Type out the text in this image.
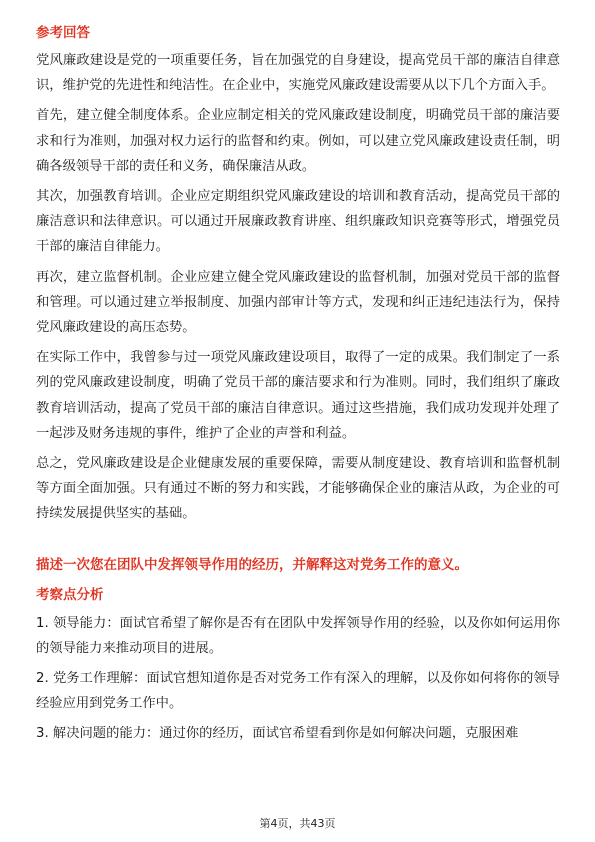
参考回答

党风廉政建设是党的一项重要任务，旨在加强党的自身建设，提高党员干部的廉洁自律意识，维护党的先进性和纯洁性。在企业中，实施党风廉政建设需要从以下几个方面入手。

首先，建立健全制度体系。企业应制定相关的党风廉政建设制度，明确党员干部的廉洁要求和行为准则，加强对权力运行的监督和约束。例如，可以建立党风廉政建设责任制，明确各级领导干部的责任和义务，确保廉洁从政。

其次，加强教育培训。企业应定期组织党风廉政建设的培训和教育活动，提高党员干部的廉洁意识和法律意识。可以通过开展廉政教育讲座、组织廉政知识竞赛等形式，增强党员干部的廉洁自律能力。

再次，建立监督机制。企业应建立健全党风廉政建设的监督机制，加强对党员干部的监督和管理。可以通过建立举报制度、加强内部审计等方式，发现和纠正违纪违法行为，保持党风廉政建设的高压态势。

在实际工作中，我曾参与过一项党风廉政建设项目，取得了一定的成果。我们制定了一系列的党风廉政建设制度，明确了党员干部的廉洁要求和行为准则。同时，我们组织了廉政教育培训活动，提高了党员干部的廉洁自律意识。通过这些措施，我们成功发现并处理了一起涉及财务违规的事件，维护了企业的声誉和利益。

总之，党风廉政建设是企业健康发展的重要保障，需要从制度建设、教育培训和监督机制等方面全面加强。只有通过不断的努力和实践，才能够确保企业的廉洁从政，为企业的可持续发展提供坚实的基础。

描述一次您在团队中发挥领导作用的经历，并解释这对党务工作的意义。
考察点分析

1. 领导能力：面试官希望了解你是否有在团队中发挥领导作用的经验，以及你如何运用你的领导能力来推动项目的进展。

2. 党务工作理解：面试官想知道你是否对党务工作有深入的理解，以及你如何将你的领导经验应用到党务工作中。

3. 解决问题的能力：通过你的经历，面试官希望看到你是如何解决问题，克服困难

第4页，共43页
